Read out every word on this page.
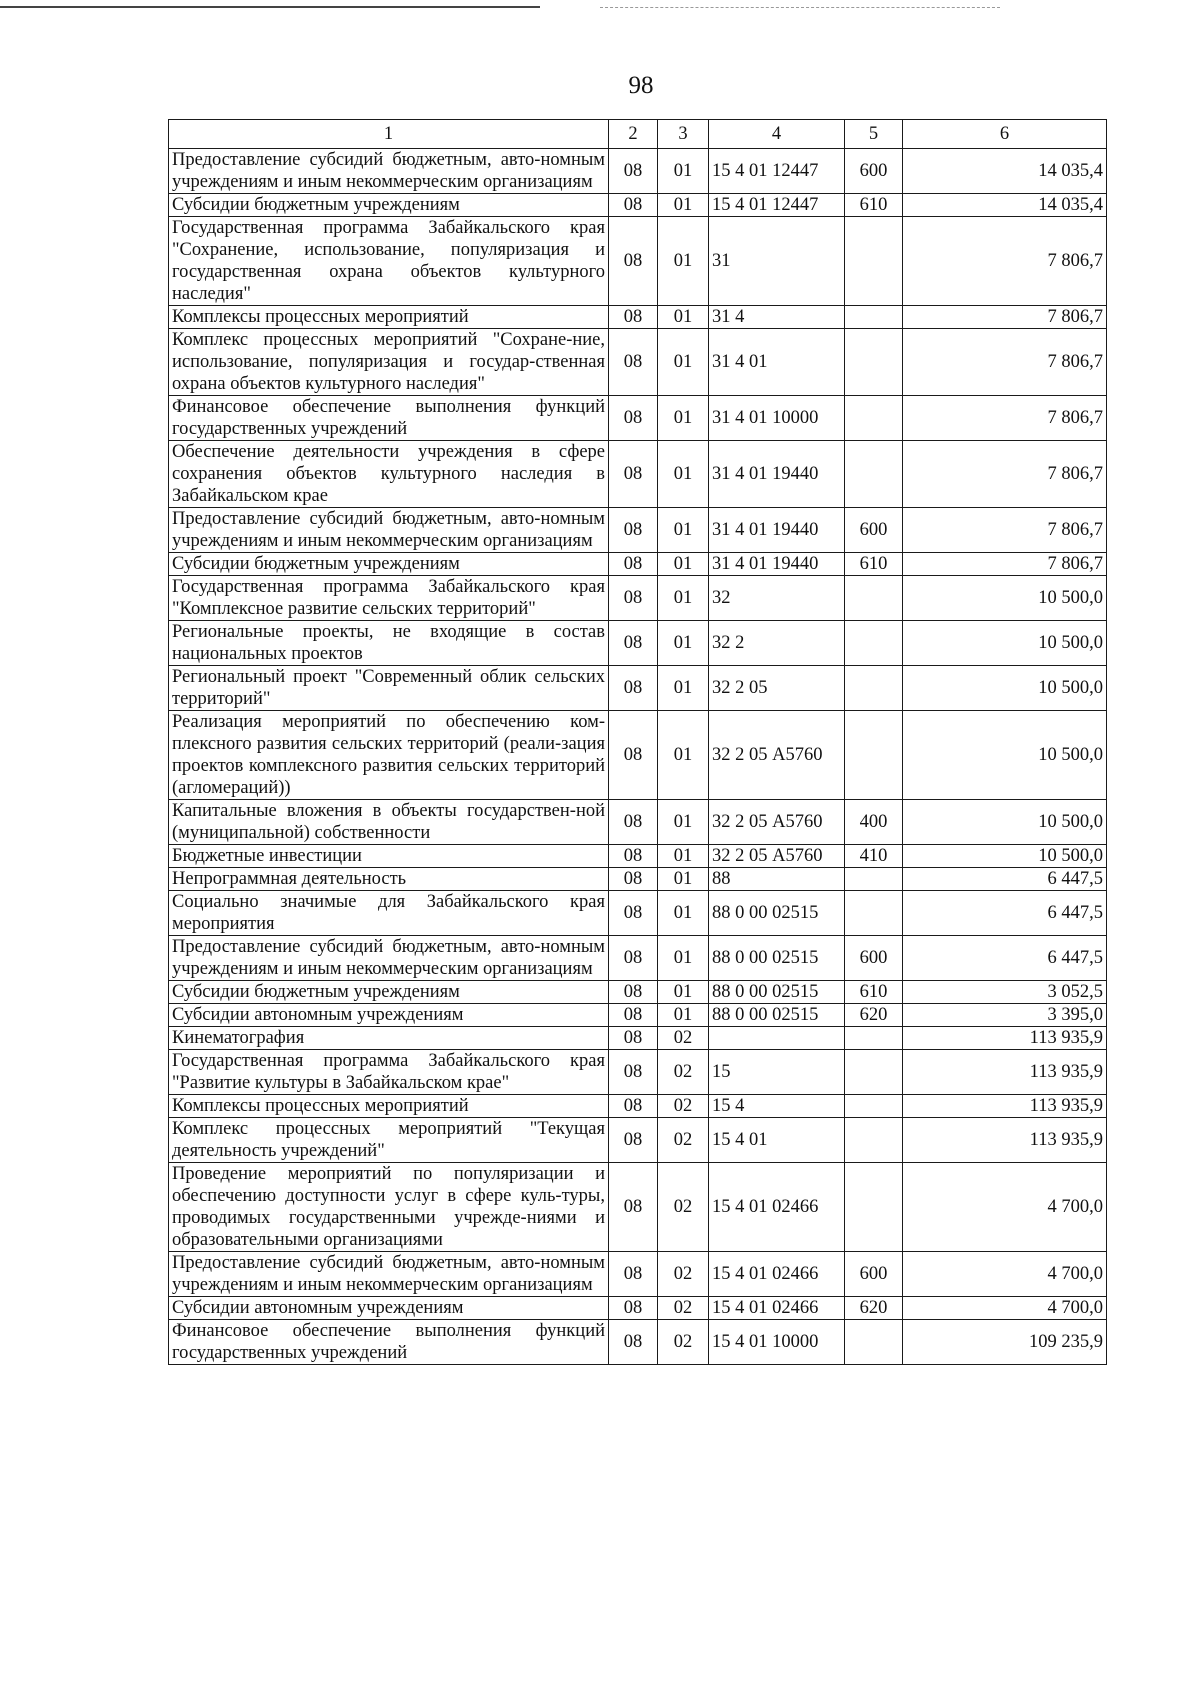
98
1	2	3	4	5	6
Предоставление субсидий бюджетным, авто-номным учреждениям и иным некоммерческим организациям	08	01	15 4 01 12447	600	14 035,4
Субсидии бюджетным учреждениям	08	01	15 4 01 12447	610	14 035,4
Государственная программа Забайкальского края "Сохранение, использование, популяризация и государственная охрана объектов культурного наследия"	08	01	31		7 806,7
Комплексы процессных мероприятий	08	01	31 4		7 806,7
Комплекс процессных мероприятий "Сохране-ние, использование, популяризация и государ-ственная охрана объектов культурного наследия"	08	01	31 4 01		7 806,7
Финансовое обеспечение выполнения функций государственных учреждений	08	01	31 4 01 10000		7 806,7
Обеспечение деятельности учреждения в сфере сохранения объектов культурного наследия в Забайкальском крае	08	01	31 4 01 19440		7 806,7
Предоставление субсидий бюджетным, авто-номным учреждениям и иным некоммерческим организациям	08	01	31 4 01 19440	600	7 806,7
Субсидии бюджетным учреждениям	08	01	31 4 01 19440	610	7 806,7
Государственная программа Забайкальского края "Комплексное развитие сельских территорий"	08	01	32		10 500,0
Региональные проекты, не входящие в состав национальных проектов	08	01	32 2		10 500,0
Региональный проект "Современный облик сельских территорий"	08	01	32 2 05		10 500,0
Реализация мероприятий по обеспечению ком-плексного развития сельских территорий (реали-зация проектов комплексного развития сельских территорий (агломераций))	08	01	32 2 05 А5760		10 500,0
Капитальные вложения в объекты государствен-ной (муниципальной) собственности	08	01	32 2 05 А5760	400	10 500,0
Бюджетные инвестиции	08	01	32 2 05 А5760	410	10 500,0
Непрограммная деятельность	08	01	88		6 447,5
Социально значимые для Забайкальского края мероприятия	08	01	88 0 00 02515		6 447,5
Предоставление субсидий бюджетным, авто-номным учреждениям и иным некоммерческим организациям	08	01	88 0 00 02515	600	6 447,5
Субсидии бюджетным учреждениям	08	01	88 0 00 02515	610	3 052,5
Субсидии автономным учреждениям	08	01	88 0 00 02515	620	3 395,0
Кинематография	08	02			113 935,9
Государственная программа Забайкальского края "Развитие культуры в Забайкальском крае"	08	02	15		113 935,9
Комплексы процессных мероприятий	08	02	15 4		113 935,9
Комплекс процессных мероприятий "Текущая деятельность учреждений"	08	02	15 4 01		113 935,9
Проведение мероприятий по популяризации и обеспечению доступности услуг в сфере куль-туры, проводимых государственными учрежде-ниями и образовательными организациями	08	02	15 4 01 02466		4 700,0
Предоставление субсидий бюджетным, авто-номным учреждениям и иным некоммерческим организациям	08	02	15 4 01 02466	600	4 700,0
Субсидии автономным учреждениям	08	02	15 4 01 02466	620	4 700,0
Финансовое обеспечение выполнения функций государственных учреждений	08	02	15 4 01 10000		109 235,9
